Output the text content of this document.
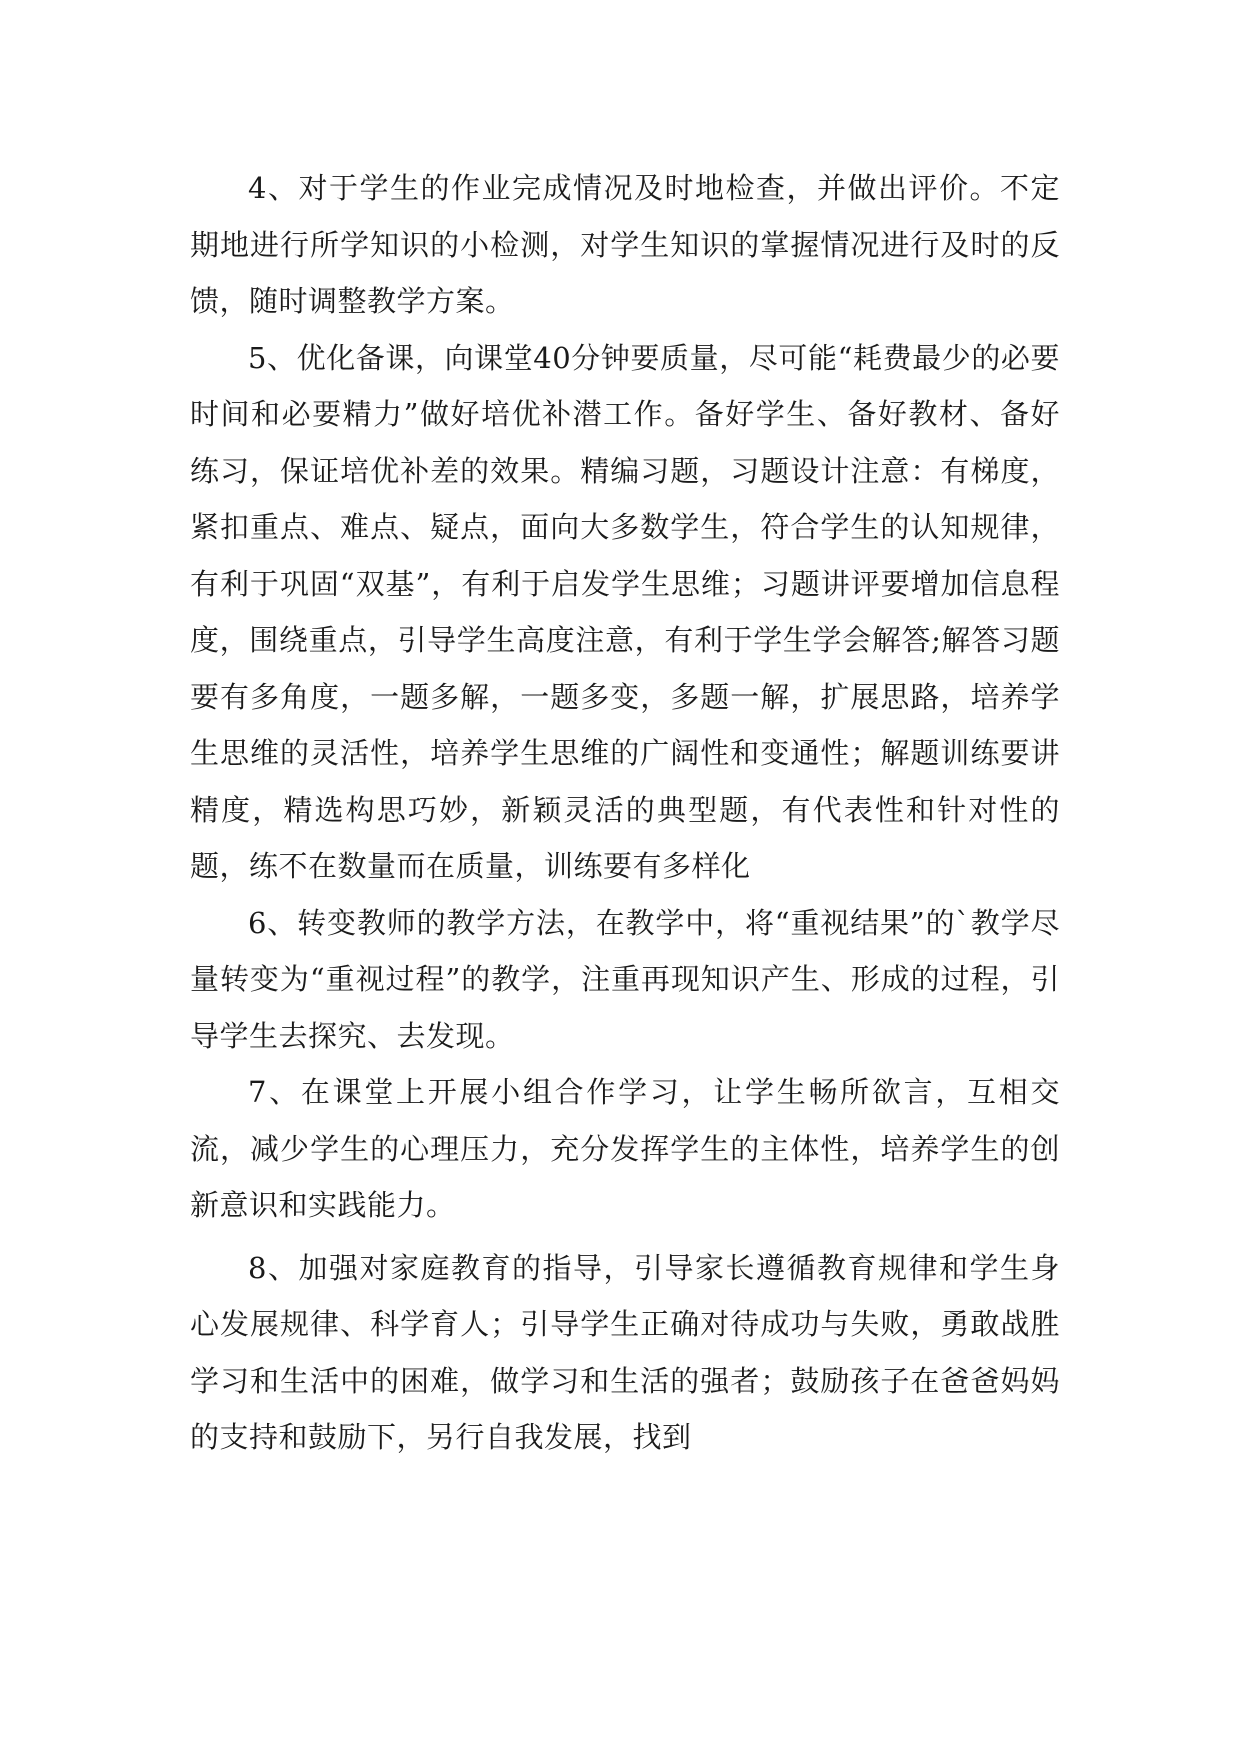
4、对于学生的作业完成情况及时地检查，并做出评价。不定期地进行所学知识的小检测，对学生知识的掌握情况进行及时的反馈，随时调整教学方案。

5、优化备课，向课堂40分钟要质量，尽可能“耗费最少的必要时间和必要精力”做好培优补潜工作。备好学生、备好教材、备好练习，保证培优补差的效果。精编习题，习题设计注意：有梯度，紧扣重点、难点、疑点，面向大多数学生，符合学生的认知规律，有利于巩固“双基”，有利于启发学生思维；习题讲评要增加信息程度，围绕重点，引导学生高度注意，有利于学生学会解答;解答习题要有多角度，一题多解，一题多变，多题一解，扩展思路，培养学生思维的灵活性，培养学生思维的广阔性和变通性；解题训练要讲精度，精选构思巧妙，新颖灵活的典型题，有代表性和针对性的题，练不在数量而在质量，训练要有多样化

6、转变教师的教学方法，在教学中，将“重视结果”的`教学尽量转变为“重视过程”的教学，注重再现知识产生、形成的过程，引导学生去探究、去发现。

7、在课堂上开展小组合作学习，让学生畅所欲言，互相交流，减少学生的心理压力，充分发挥学生的主体性，培养学生的创新意识和实践能力。

8、加强对家庭教育的指导，引导家长遵循教育规律和学生身心发展规律、科学育人；引导学生正确对待成功与失败，勇敢战胜学习和生活中的困难，做学习和生活的强者；鼓励孩子在爸爸妈妈的支持和鼓励下，另行自我发展，找到
